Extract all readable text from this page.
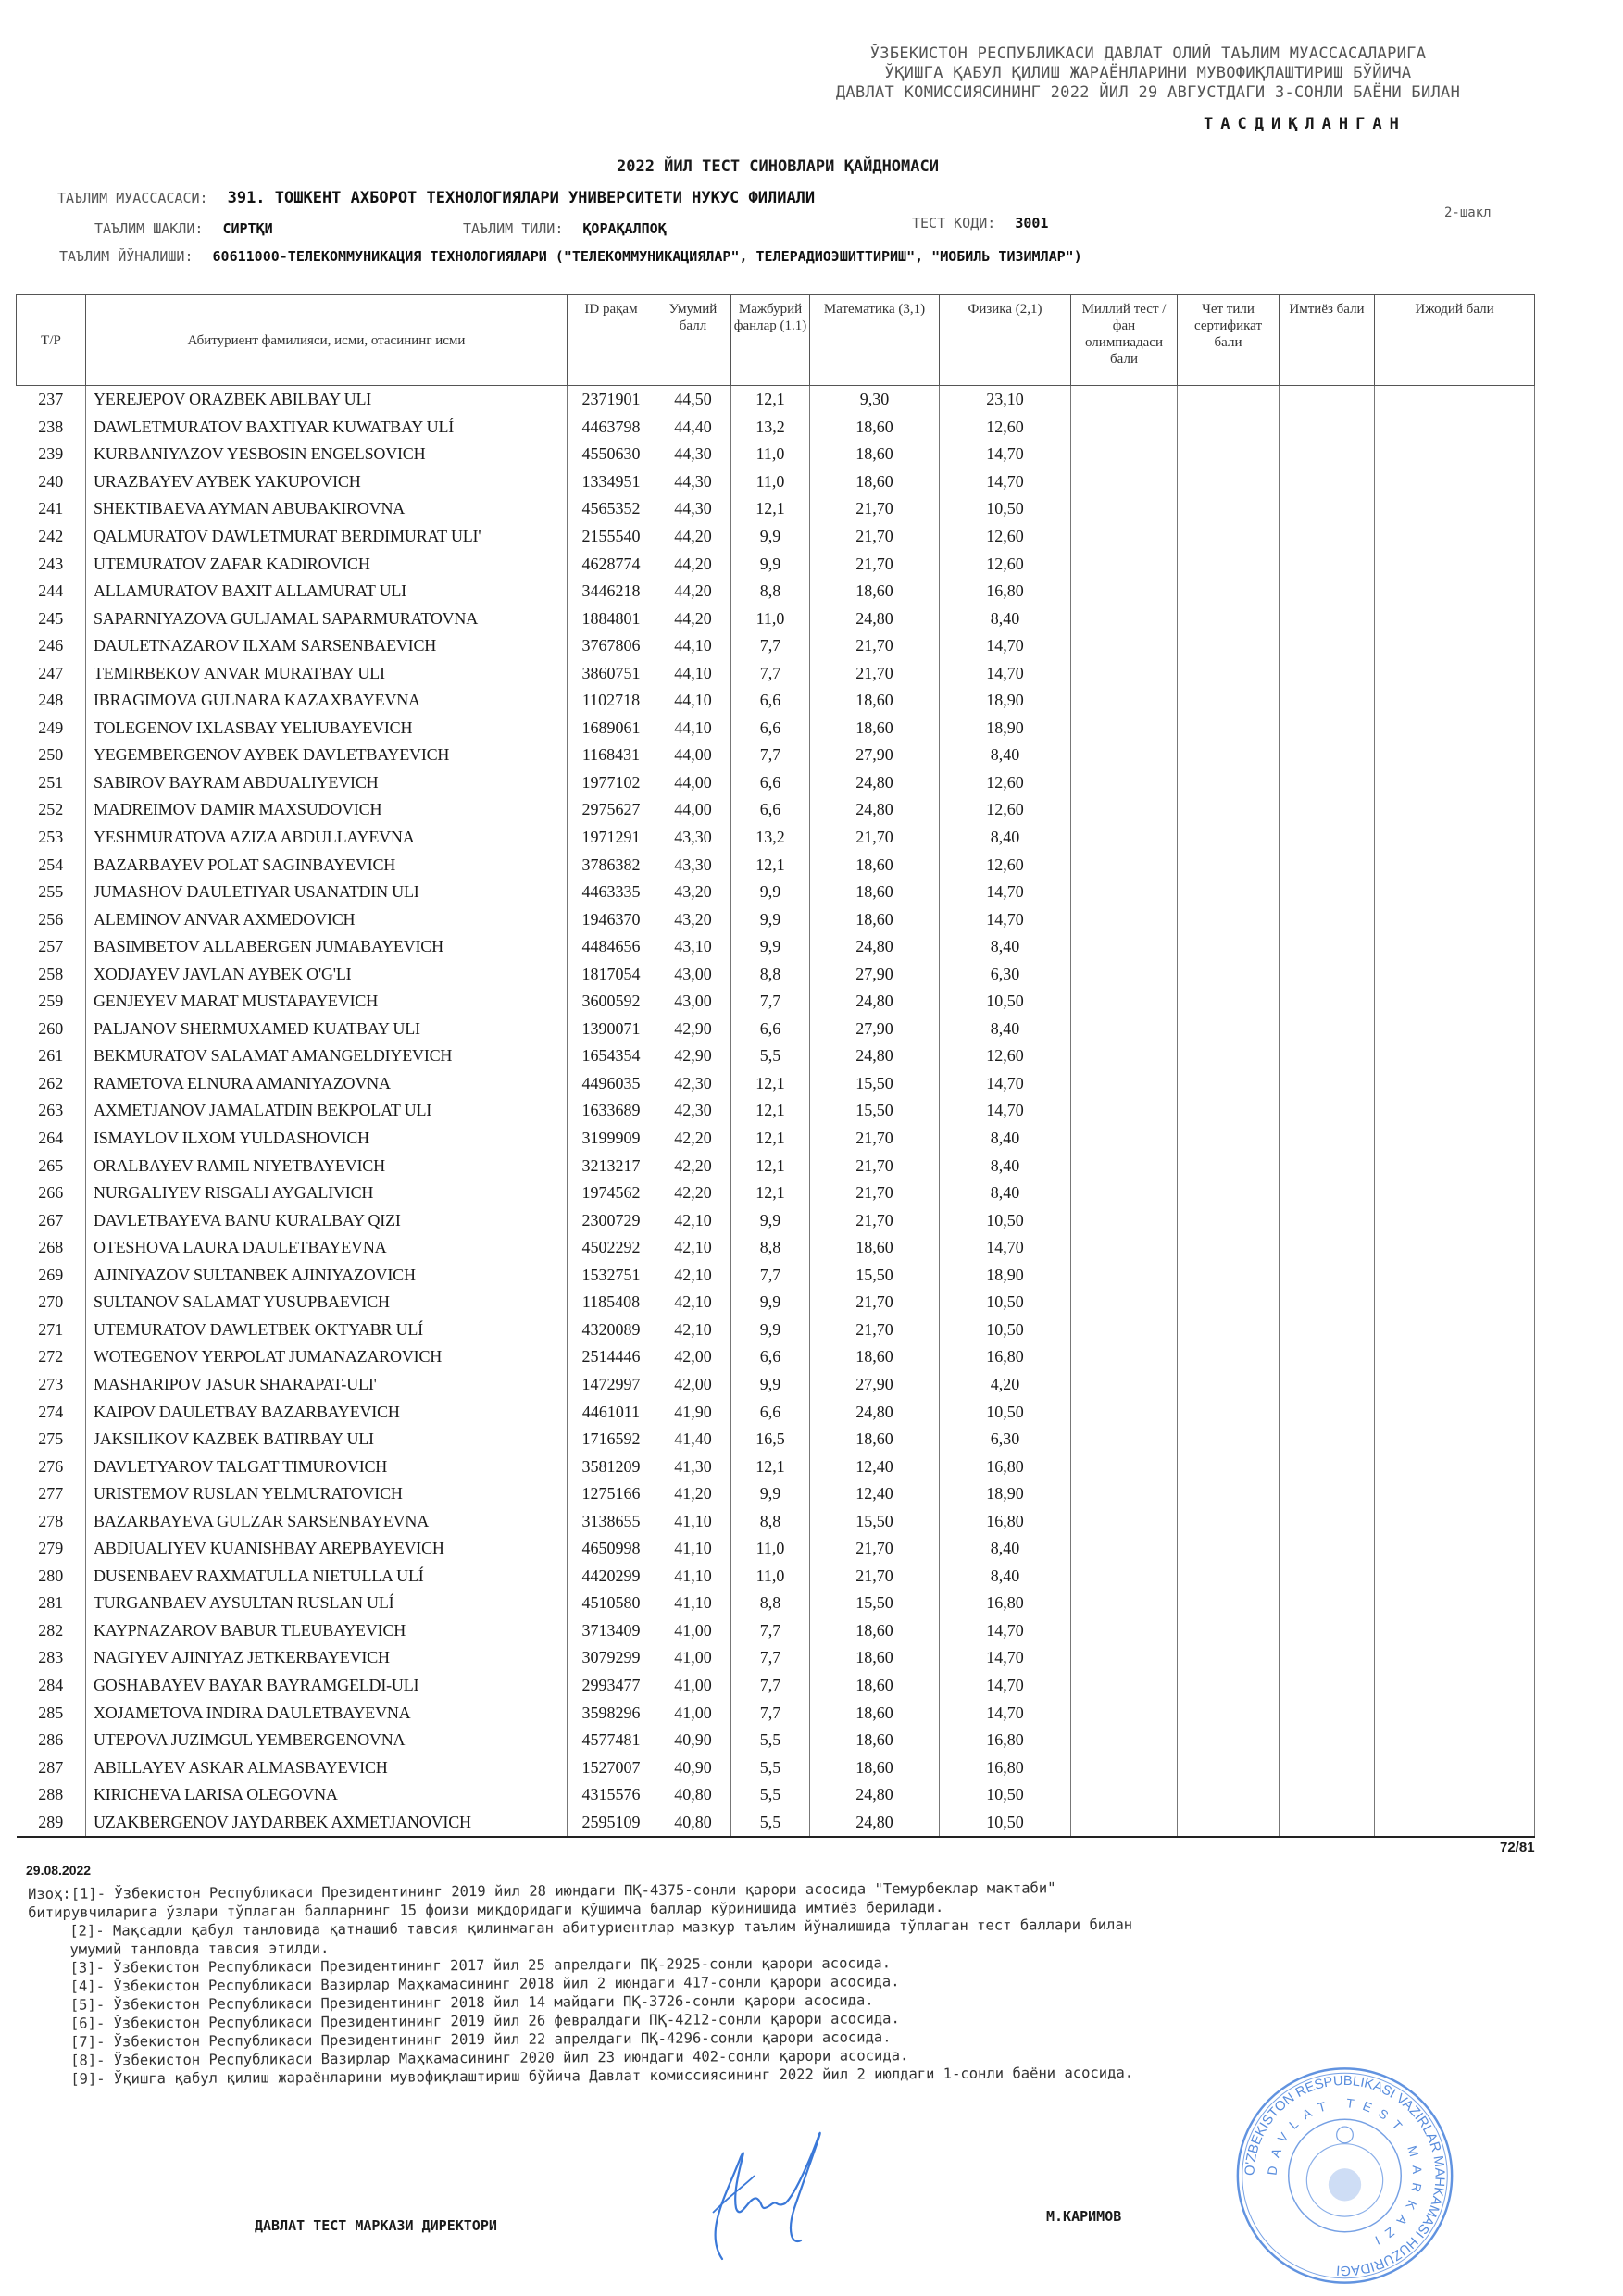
ЎЗБЕКИСТОН РЕСПУБЛИКАСИ ДАВЛАТ ОЛИЙ ТАЪЛИМ МУАССАСАЛАРИГА
ЎҚИШГА ҚАБУЛ ҚИЛИШ ЖАРАЁНЛАРИНИ МУВОФИҚЛАШТИРИШ БЎЙИЧА
ДАВЛАТ КОМИССИЯСИНИНГ 2022 ЙИЛ 29 АВГУСТДАГИ 3-СОНЛИ БАЁНИ БИЛАН
ТАСДИҚЛАНГАН
2022 ЙИЛ ТЕСТ СИНОВЛАРИ ҚАЙДНОМАСИ
ТАЪЛИМ МУАССАСАСИ: 391. ТОШКЕНТ АХБОРОТ ТЕХНОЛОГИЯЛАРИ УНИВЕРСИТЕТИ НУКУС ФИЛИАЛИ
ТАЪЛИМ ШАКЛИ: СИРТҚИ	ТАЪЛИМ ТИЛИ: ҚОРАҚАЛПОҚ	ТЕСТ КОДИ: 3001
2-шакл
ТАЪЛИМ ЙЎНАЛИШИ: 60611000-ТЕЛЕКОММУНИКАЦИЯ ТЕХНОЛОГИЯЛАРИ ("ТЕЛЕКОММУНИКАЦИЯЛАР", ТЕЛЕРАДИОЭШИТТИРИШ", "МОБИЛЬ ТИЗИМЛАР")
Т/Р	Абитуриент фамилияси, исми, отасининг исми	ID рақам	Умумий балл	Мажбурий фанлар (1.1)	Математика (3,1)	Физика (2,1)	Миллий тест / фан олимпиадаси бали	Чет тили сертификат бали	Имтиёз бали	Ижодий бали
237	YEREJEPOV ORAZBEK ABILBAY ULI	2371901	44,50	12,1	9,30	23,10				
238	DAWLETMURATOV BAXTIYAR KUWATBAY ULÍ	4463798	44,40	13,2	18,60	12,60				
239	KURBANIYAZOV YESBOSIN ENGELSOVICH	4550630	44,30	11,0	18,60	14,70				
240	URAZBAYEV AYBEK YAKUPOVICH	1334951	44,30	11,0	18,60	14,70				
241	SHEKTIBAEVA AYMAN ABUBAKIROVNA	4565352	44,30	12,1	21,70	10,50				
242	QALMURATOV DAWLETMURAT BERDIMURAT ULI'	2155540	44,20	9,9	21,70	12,60				
243	UTEMURATOV ZAFAR KADIROVICH	4628774	44,20	9,9	21,70	12,60				
244	ALLAMURATOV BAXIT ALLAMURAT ULI	3446218	44,20	8,8	18,60	16,80				
245	SAPARNIYAZOVA GULJAMAL SAPARMURATOVNA	1884801	44,20	11,0	24,80	8,40				
246	DAULETNAZAROV ILXAM SARSENBAEVICH	3767806	44,10	7,7	21,70	14,70				
247	TEMIRBEKOV ANVAR MURATBAY ULI	3860751	44,10	7,7	21,70	14,70				
248	IBRAGIMOVA GULNARA KAZAXBAYEVNA	1102718	44,10	6,6	18,60	18,90				
249	TOLEGENOV IXLASBAY YELIUBAYEVICH	1689061	44,10	6,6	18,60	18,90				
250	YEGEMBERGENOV AYBEK DAVLETBAYEVICH	1168431	44,00	7,7	27,90	8,40				
251	SABIROV BAYRAM ABDUALIYEVICH	1977102	44,00	6,6	24,80	12,60				
252	MADREIMOV DAMIR MAXSUDOVICH	2975627	44,00	6,6	24,80	12,60				
253	YESHMURATOVA AZIZA ABDULLAYEVNA	1971291	43,30	13,2	21,70	8,40				
254	BAZARBAYEV POLAT SAGINBAYEVICH	3786382	43,30	12,1	18,60	12,60				
255	JUMASHOV DAULETIYAR USANATDIN ULI	4463335	43,20	9,9	18,60	14,70				
256	ALEMINOV ANVAR AXMEDOVICH	1946370	43,20	9,9	18,60	14,70				
257	BASIMBETOV ALLABERGEN JUMABAYEVICH	4484656	43,10	9,9	24,80	8,40				
258	XODJAYEV JAVLAN AYBEK O'G'LI	1817054	43,00	8,8	27,90	6,30				
259	GENJEYEV MARAT MUSTAPAYEVICH	3600592	43,00	7,7	24,80	10,50				
260	PALJANOV SHERMUXAMED KUATBAY ULI	1390071	42,90	6,6	27,90	8,40				
261	BEKMURATOV SALAMAT AMANGELDIYEVICH	1654354	42,90	5,5	24,80	12,60				
262	RAMETOVA ELNURA AMANIYAZOVNA	4496035	42,30	12,1	15,50	14,70				
263	AXMETJANOV JAMALATDIN BEKPOLAT ULI	1633689	42,30	12,1	15,50	14,70				
264	ISMAYLOV ILXOM YULDASHOVICH	3199909	42,20	12,1	21,70	8,40				
265	ORALBAYEV RAMIL NIYETBAYEVICH	3213217	42,20	12,1	21,70	8,40				
266	NURGALIYEV RISGALI AYGALIVICH	1974562	42,20	12,1	21,70	8,40				
267	DAVLETBAYEVA BANU KURALBAY QIZI	2300729	42,10	9,9	21,70	10,50				
268	OTESHOVA LAURA DAULETBAYEVNA	4502292	42,10	8,8	18,60	14,70				
269	AJINIYAZOV SULTANBEK AJINIYAZOVICH	1532751	42,10	7,7	15,50	18,90				
270	SULTANOV SALAMAT YUSUPBAEVICH	1185408	42,10	9,9	21,70	10,50				
271	UTEMURATOV DAWLETBEK OKTYABR ULÍ	4320089	42,10	9,9	21,70	10,50				
272	WOTEGENOV YERPOLAT JUMANAZAROVICH	2514446	42,00	6,6	18,60	16,80				
273	MASHARIPOV JASUR SHARAPAT-ULI'	1472997	42,00	9,9	27,90	4,20				
274	KAIPOV DAULETBAY BAZARBAYEVICH	4461011	41,90	6,6	24,80	10,50				
275	JAKSILIKOV KAZBEK BATIRBAY ULI	1716592	41,40	16,5	18,60	6,30				
276	DAVLETYAROV TALGAT TIMUROVICH	3581209	41,30	12,1	12,40	16,80				
277	URISTEMOV RUSLAN YELMURATOVICH	1275166	41,20	9,9	12,40	18,90				
278	BAZARBAYEVA GULZAR SARSENBAYEVNA	3138655	41,10	8,8	15,50	16,80				
279	ABDIUALIYEV KUANISHBAY AREPBAYEVICH	4650998	41,10	11,0	21,70	8,40				
280	DUSENBAEV RAXMATULLA NIETULLA ULÍ	4420299	41,10	11,0	21,70	8,40				
281	TURGANBAEV AYSULTAN RUSLAN ULÍ	4510580	41,10	8,8	15,50	16,80				
282	KAYPNAZAROV BABUR TLEUBAYEVICH	3713409	41,00	7,7	18,60	14,70				
283	NAGIYEV AJINIYAZ JETKERBAYEVICH	3079299	41,00	7,7	18,60	14,70				
284	GOSHABAYEV BAYAR BAYRAMGELDI-ULI	2993477	41,00	7,7	18,60	14,70				
285	XOJAMETOVA INDIRA DAULETBAYEVNA	3598296	41,00	7,7	18,60	14,70				
286	UTEPOVA JUZIMGUL YEMBERGENOVNA	4577481	40,90	5,5	18,60	16,80				
287	ABILLAYEV ASKAR ALMASBAYEVICH	1527007	40,90	5,5	18,60	16,80				
288	KIRICHEVA LARISA OLEGOVNA	4315576	40,80	5,5	24,80	10,50				
289	UZAKBERGENOV JAYDARBEK AXMETJANOVICH	2595109	40,80	5,5	24,80	10,50				
72/81
29.08.2022
Изоҳ:[1]- Ўзбекистон Республикаси Президентининг 2019 йил 28 июндаги ПҚ-4375-сонли қарори асосида "Темурбеклар мактаби"
битирувчиларига ўзлари тўплаган балларнинг 15 фоизи миқдоридаги қўшимча баллар кўринишида имтиёз берилади.
[2]- Мақсадли қабул танловида қатнашиб тавсия қилинмаган абитуриентлар мазкур таълим йўналишида тўплаган тест баллари билан
умумий танловда тавсия этилди.
[3]- Ўзбекистон Республикаси Президентининг 2017 йил 25 апрелдаги ПҚ-2925-сонли қарори асосида.
[4]- Ўзбекистон Республикаси Вазирлар Маҳкамасининг 2018 йил 2 июндаги 417-сонли қарори асосида.
[5]- Ўзбекистон Республикаси Президентининг 2018 йил 14 майдаги ПҚ-3726-сонли қарори асосида.
[6]- Ўзбекистон Республикаси Президентининг 2019 йил 26 февралдаги ПҚ-4212-сонли қарори асосида.
[7]- Ўзбекистон Республикаси Президентининг 2019 йил 22 апрелдаги ПҚ-4296-сонли қарори асосида.
[8]- Ўзбекистон Республикаси Вазирлар Маҳкамасининг 2020 йил 23 июндаги 402-сонли қарори асосида.
[9]- Ўқишга қабул қилиш жараёнларини мувофиқлаштириш бўйича Давлат комиссиясининг 2022 йил 2 июлдаги 1-сонли баёни асосида.
ДАВЛАТ ТЕСТ МАРКАЗИ ДИРЕКТОРИ
М.КАРИМОВ
O'ZBEKISTON RESPUBLIKASI VAZIRLAR MAHKAMASI HUZURIDAGI
DAVLAT TEST MARKAZI
